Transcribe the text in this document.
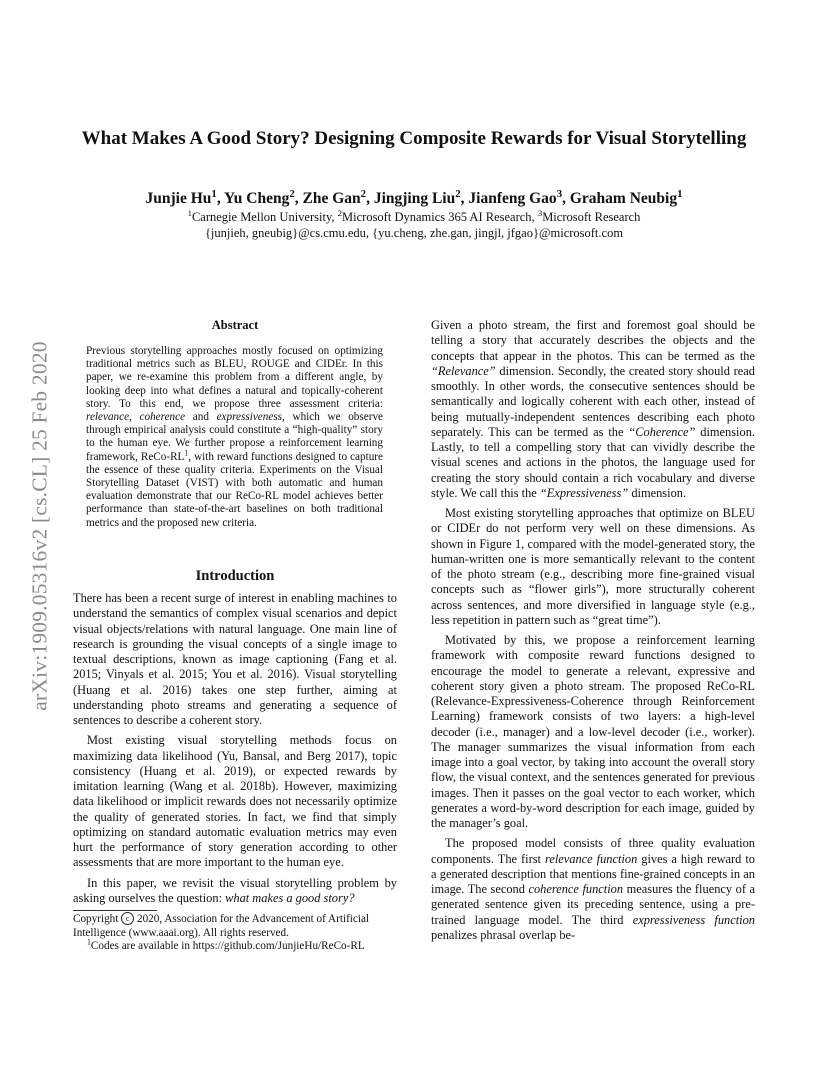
arXiv:1909.05316v2 [cs.CL] 25 Feb 2020
What Makes A Good Story? Designing Composite Rewards for Visual Storytelling
Junjie Hu$^1$, Yu Cheng$^2$, Zhe Gan$^2$, Jingjing Liu$^2$, Jianfeng Gao$^3$, Graham Neubig$^1$
$^1$Carnegie Mellon University, $^2$Microsoft Dynamics 365 AI Research, $^3$Microsoft Research
{junjieh, gneubig}@cs.cmu.edu, {yu.cheng, zhe.gan, jingjl, jfgao}@microsoft.com
Abstract
Previous storytelling approaches mostly focused on optimizing traditional metrics such as BLEU, ROUGE and CIDEr. In this paper, we re-examine this problem from a different angle, by looking deep into what defines a natural and topically-coherent story. To this end, we propose three assessment criteria: relevance, coherence and expressiveness, which we observe through empirical analysis could constitute a “high-quality” story to the human eye. We further propose a reinforcement learning framework, ReCo-$RL^1$, with reward functions designed to capture the essence of these quality criteria. Experiments on the Visual Storytelling Dataset (VIST) with both automatic and human evaluation demonstrate that our ReCo-RL model achieves better performance than state-of-the-art baselines on both traditional metrics and the proposed new criteria.
Introduction

There has been a recent surge of interest in enabling machines to understand the semantics of complex visual scenarios and depict visual objects/relations with natural language. One main line of research is grounding the visual concepts of a single image to textual descriptions, known as image captioning (Fang et al. 2015; Vinyals et al. 2015; You et al. 2016). Visual storytelling (Huang et al. 2016) takes one step further, aiming at understanding photo streams and generating a sequence of sentences to describe a coherent story.

Most existing visual storytelling methods focus on maximizing data likelihood (Yu, Bansal, and Berg 2017), topic consistency (Huang et al. 2019), or expected rewards by imitation learning (Wang et al. 2018b). However, maximizing data likelihood or implicit rewards does not necessarily optimize the quality of generated stories. In fact, we find that simply optimizing on standard automatic evaluation metrics may even hurt the performance of story generation according to other assessments that are more important to the human eye.

In this paper, we revisit the visual storytelling problem by asking ourselves the question: what makes a good story?

Copyright c 2020, Association for the Advancement of Artificial Intelligence (www.aaai.org). All rights reserved.
$^1$Codes are available in https://github.com/JunjieHu/ReCo-RL

Given a photo stream, the first and foremost goal should be telling a story that accurately describes the objects and the concepts that appear in the photos. This can be termed as the “Relevance” dimension. Secondly, the created story should read smoothly. In other words, the consecutive sentences should be semantically and logically coherent with each other, instead of being mutually-independent sentences describing each photo separately. This can be termed as the “Coherence” dimension. Lastly, to tell a compelling story that can vividly describe the visual scenes and actions in the photos, the language used for creating the story should contain a rich vocabulary and diverse style. We call this the “Expressiveness” dimension.

Most existing storytelling approaches that optimize on BLEU or CIDEr do not perform very well on these dimensions. As shown in Figure 1, compared with the model-generated story, the human-written one is more semantically relevant to the content of the photo stream (e.g., describing more fine-grained visual concepts such as “flower girls”), more structurally coherent across sentences, and more diversified in language style (e.g., less repetition in pattern such as “great time”).

Motivated by this, we propose a reinforcement learning framework with composite reward functions designed to encourage the model to generate a relevant, expressive and coherent story given a photo stream. The proposed ReCo-RL (Relevance-Expressiveness-Coherence through Reinforcement Learning) framework consists of two layers: a high-level decoder (i.e., manager) and a low-level decoder (i.e., worker). The manager summarizes the visual information from each image into a goal vector, by taking into account the overall story flow, the visual context, and the sentences generated for previous images. Then it passes on the goal vector to each worker, which generates a word-by-word description for each image, guided by the manager’s goal.

The proposed model consists of three quality evaluation components. The first relevance function gives a high reward to a generated description that mentions fine-grained concepts in an image. The second coherence function measures the fluency of a generated sentence given its preceding sentence, using a pre-trained language model. The third expressiveness function penalizes phrasal overlap be-
